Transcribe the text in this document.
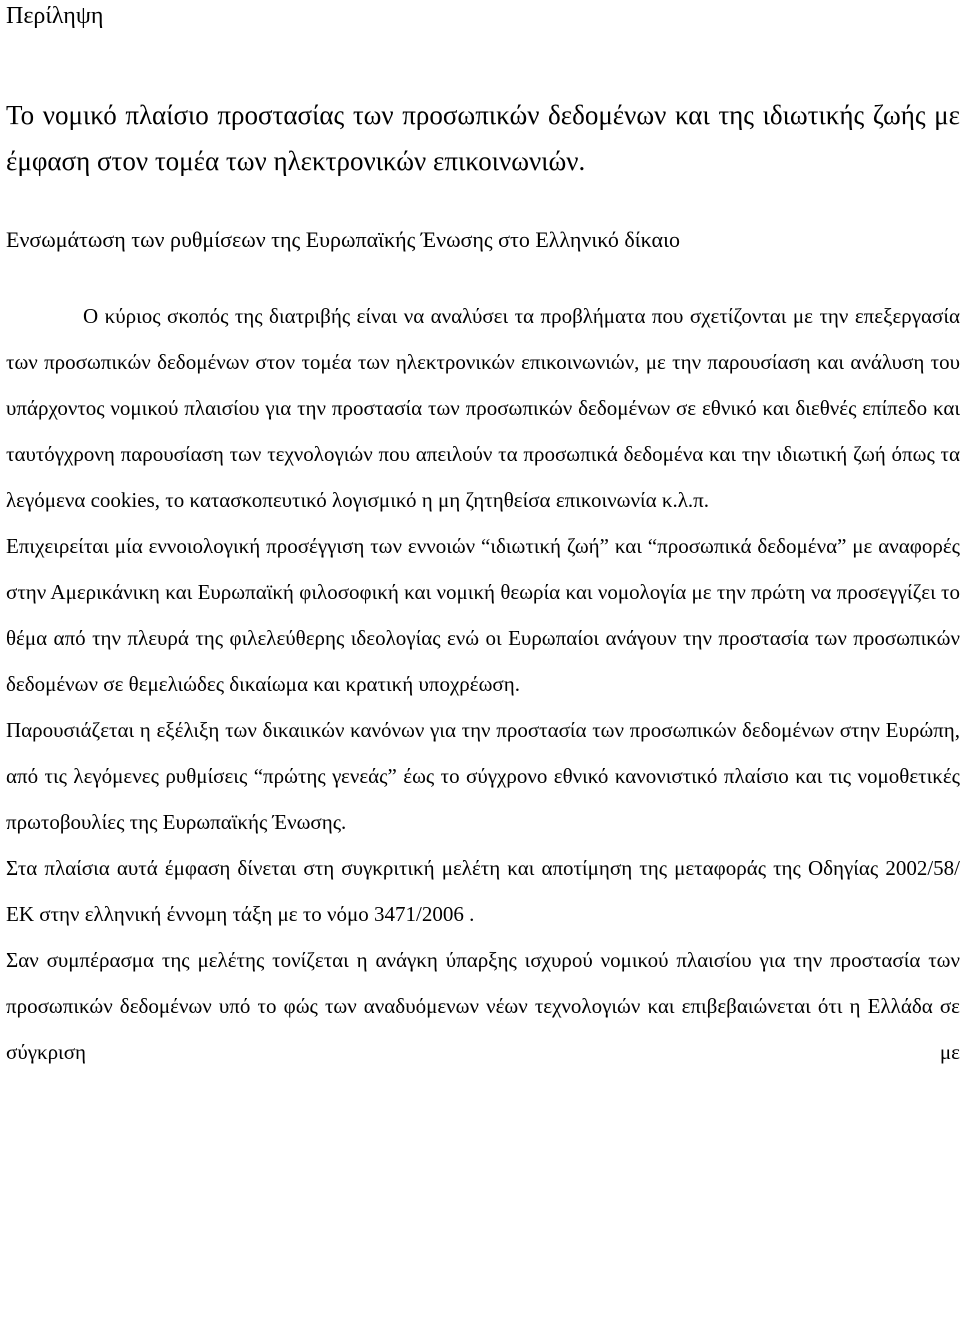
Περίληψη
Το νομικό πλαίσιο προστασίας των προσωπικών δεδομένων και της ιδιωτικής ζωής με έμφαση στον τομέα των ηλεκτρονικών επικοινωνιών.
Ενσωμάτωση των ρυθμίσεων της Ευρωπαϊκής Ένωσης στο Ελληνικό δίκαιο

Ο κύριος σκοπός της διατριβής είναι να αναλύσει τα προβλήματα που σχετίζονται με την επεξεργασία των προσωπικών δεδομένων στον τομέα των ηλεκτρονικών επικοινωνιών, με την παρουσίαση και ανάλυση του υπάρχοντος νομικού πλαισίου για την προστασία των προσωπικών δεδομένων σε εθνικό και διεθνές επίπεδο και ταυτόγχρονη παρουσίαση των τεχνολογιών που απειλούν τα προσωπικά δεδομένα και την ιδιωτική ζωή όπως τα λεγόμενα cookies, το κατασκοπευτικό λογισμικό η μη ζητηθείσα επικοινωνία κ.λ.π.

Επιχειρείται μία εννοιολογική προσέγγιση των εννοιών “ιδιωτική ζωή” και “προσωπικά δεδομένα” με αναφορές στην Αμερικάνικη και Ευρωπαϊκή φιλοσοφική και νομική θεωρία και νομολογία με την πρώτη να προσεγγίζει το θέμα από την πλευρά της φιλελεύθερης ιδεολογίας ενώ οι Ευρωπαίοι ανάγουν την προστασία των προσωπικών δεδομένων σε θεμελιώδες δικαίωμα και κρατική υποχρέωση.

Παρουσιάζεται η εξέλιξη των δικαιικών κανόνων για την προστασία των προσωπικών δεδομένων στην Ευρώπη, από τις λεγόμενες ρυθμίσεις “πρώτης γενεάς” έως το σύγχρονο εθνικό κανονιστικό πλαίσιο και τις νομοθετικές πρωτοβουλίες της Ευρωπαϊκής Ένωσης.

Στα πλαίσια αυτά έμφαση δίνεται στη συγκριτική μελέτη και αποτίμηση της μεταφοράς της Οδηγίας 2002/58/ΕΚ στην ελληνική έννομη τάξη με το νόμο 3471/2006 .

Σαν συμπέρασμα της μελέτης τονίζεται η ανάγκη ύπαρξης ισχυρού νομικού πλαισίου για την προστασία των προσωπικών δεδομένων υπό το φώς των αναδυόμενων νέων τεχνολογιών και επιβεβαιώνεται ότι η Ελλάδα σε σύγκριση με
